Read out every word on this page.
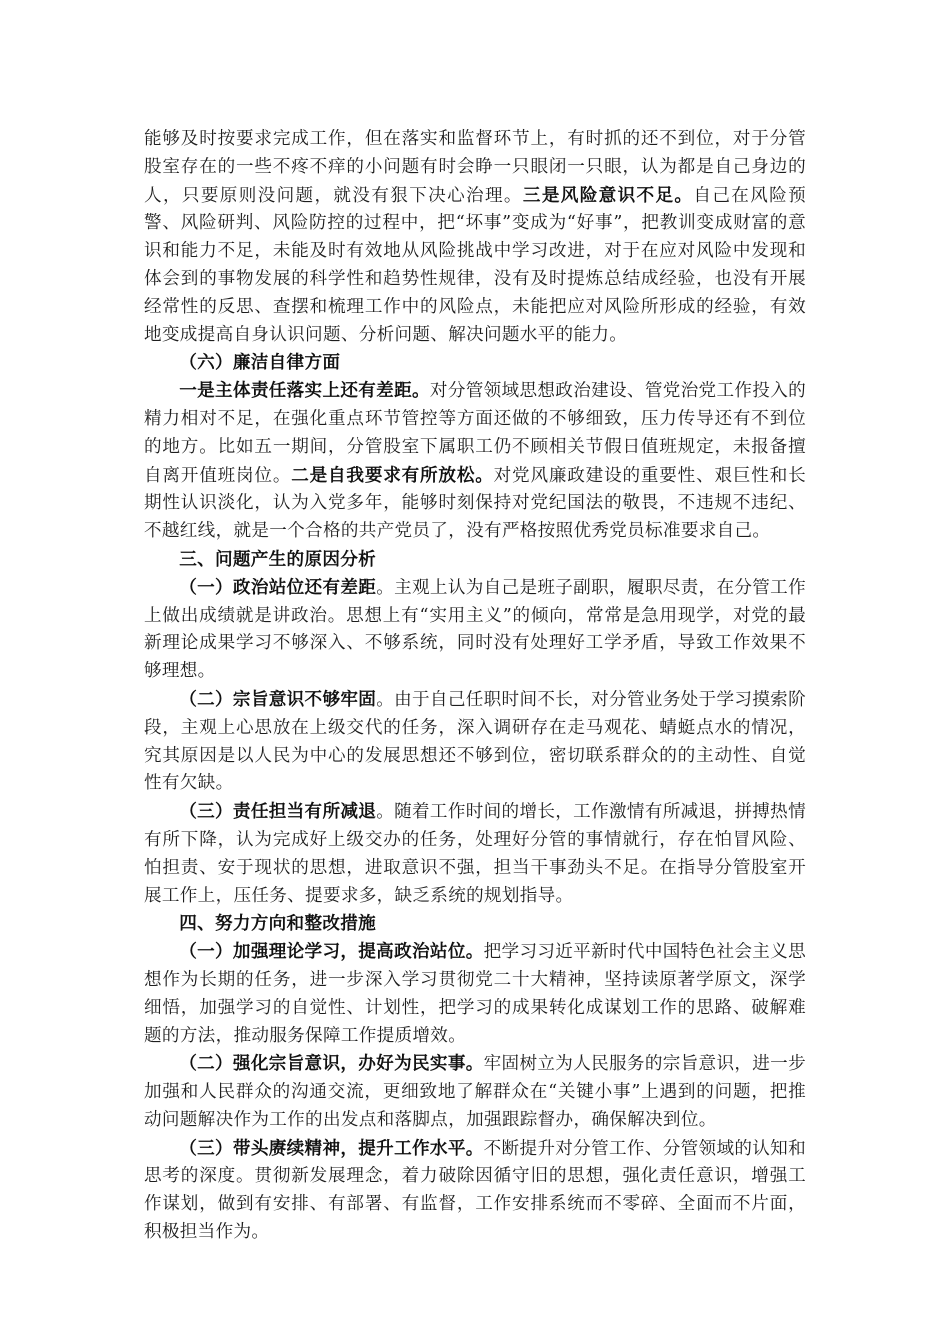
能够及时按要求完成工作，但在落实和监督环节上，有时抓的还不到位，对于分管股室存在的一些不疼不痒的小问题有时会睁一只眼闭一只眼，认为都是自己身边的人，只要原则没问题，就没有狠下决心治理。三是风险意识不足。自己在风险预警、风险研判、风险防控的过程中，把“坏事”变成为“好事”，把教训变成财富的意识和能力不足，未能及时有效地从风险挑战中学习改进，对于在应对风险中发现和体会到的事物发展的科学性和趋势性规律，没有及时提炼总结成经验，也没有开展经常性的反思、查摆和梳理工作中的风险点，未能把应对风险所形成的经验，有效地变成提高自身认识问题、分析问题、解决问题水平的能力。

（六）廉洁自律方面

一是主体责任落实上还有差距。对分管领域思想政治建设、管党治党工作投入的精力相对不足，在强化重点环节管控等方面还做的不够细致，压力传导还有不到位的地方。比如五一期间，分管股室下属职工仍不顾相关节假日值班规定，未报备擅自离开值班岗位。二是自我要求有所放松。对党风廉政建设的重要性、艰巨性和长期性认识淡化，认为入党多年，能够时刻保持对党纪国法的敬畏，不违规不违纪、不越红线，就是一个合格的共产党员了，没有严格按照优秀党员标准要求自己。

三、问题产生的原因分析

（一）政治站位还有差距。主观上认为自己是班子副职，履职尽责，在分管工作上做出成绩就是讲政治。思想上有“实用主义”的倾向，常常是急用现学，对党的最新理论成果学习不够深入、不够系统，同时没有处理好工学矛盾，导致工作效果不够理想。

（二）宗旨意识不够牢固。由于自己任职时间不长，对分管业务处于学习摸索阶段，主观上心思放在上级交代的任务，深入调研存在走马观花、蜻蜓点水的情况，究其原因是以人民为中心的发展思想还不够到位，密切联系群众的的主动性、自觉性有欠缺。

（三）责任担当有所减退。随着工作时间的增长，工作激情有所减退，拼搏热情有所下降，认为完成好上级交办的任务，处理好分管的事情就行，存在怕冒风险、怕担责、安于现状的思想，进取意识不强，担当干事劲头不足。在指导分管股室开展工作上，压任务、提要求多，缺乏系统的规划指导。

四、努力方向和整改措施

（一）加强理论学习，提高政治站位。把学习习近平新时代中国特色社会主义思想作为长期的任务，进一步深入学习贯彻党二十大精神，坚持读原著学原文，深学细悟，加强学习的自觉性、计划性，把学习的成果转化成谋划工作的思路、破解难题的方法，推动服务保障工作提质增效。

（二）强化宗旨意识，办好为民实事。牢固树立为人民服务的宗旨意识，进一步加强和人民群众的沟通交流，更细致地了解群众在“关键小事”上遇到的问题，把推动问题解决作为工作的出发点和落脚点，加强跟踪督办，确保解决到位。

（三）带头赓续精神，提升工作水平。不断提升对分管工作、分管领域的认知和思考的深度。贯彻新发展理念，着力破除因循守旧的思想，强化责任意识，增强工作谋划，做到有安排、有部署、有监督，工作安排系统而不零碎、全面而不片面，积极担当作为。
